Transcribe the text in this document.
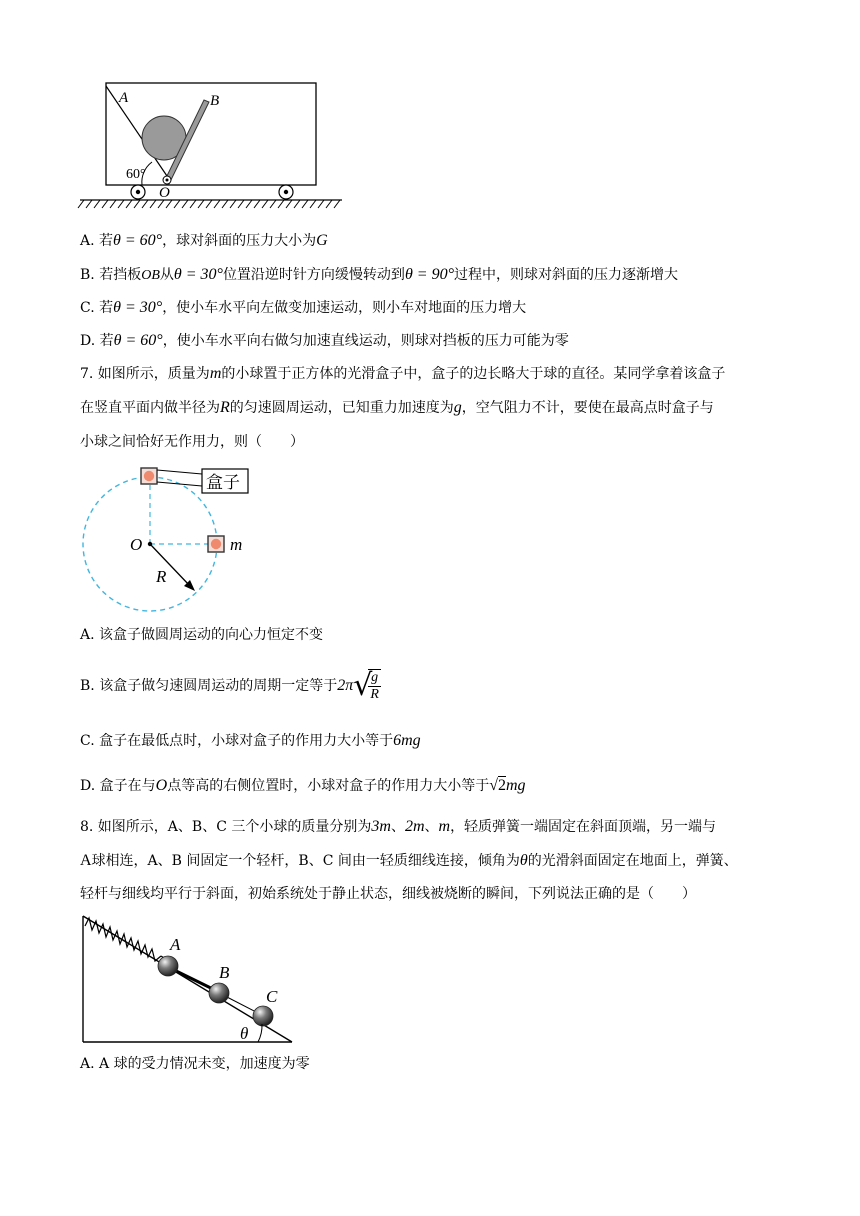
A	B
O
60°
A. 若θ = 60°，球对斜面的压力大小为G
B. 若挡板OB从θ = 30°位置沿逆时针方向缓慢转动到θ = 90°过程中，则球对斜面的压力逐渐增大
C. 若θ = 30°，使小车水平向左做变加速运动，则小车对地面的压力增大
D. 若θ = 60°，使小车水平向右做匀加速直线运动，则球对挡板的压力可能为零
7. 如图所示，质量为m的小球置于正方体的光滑盒子中，盒子的边长略大于球的直径。某同学拿着该盒子
在竖直平面内做半径为R的匀速圆周运动，已知重力加速度为g，空气阻力不计，要使在最高点时盒子与
小球之间恰好无作用力，则（　　）
盒子
O	m
R
A. 该盒子做圆周运动的向心力恒定不变
B. 该盒子做匀速圆周运动的周期一定等于2π√
$\frac{g}{R}$
C. 盒子在最低点时，小球对盒子的作用力大小等于6mg
D. 盒子在与O点等高的右侧位置时，小球对盒子的作用力大小等于√2mg
8. 如图所示，A、B、C 三个小球的质量分别为3m、2m、m，轻质弹簧一端固定在斜面顶端，另一端与
A球相连，A、B 间固定一个轻杆，B、C 间由一轻质细线连接，倾角为θ的光滑斜面固定在地面上，弹簧、
轻杆与细线均平行于斜面，初始系统处于静止状态，细线被烧断的瞬间，下列说法正确的是（　　）
A
B
C
θ
A. A 球的受力情况未变，加速度为零
